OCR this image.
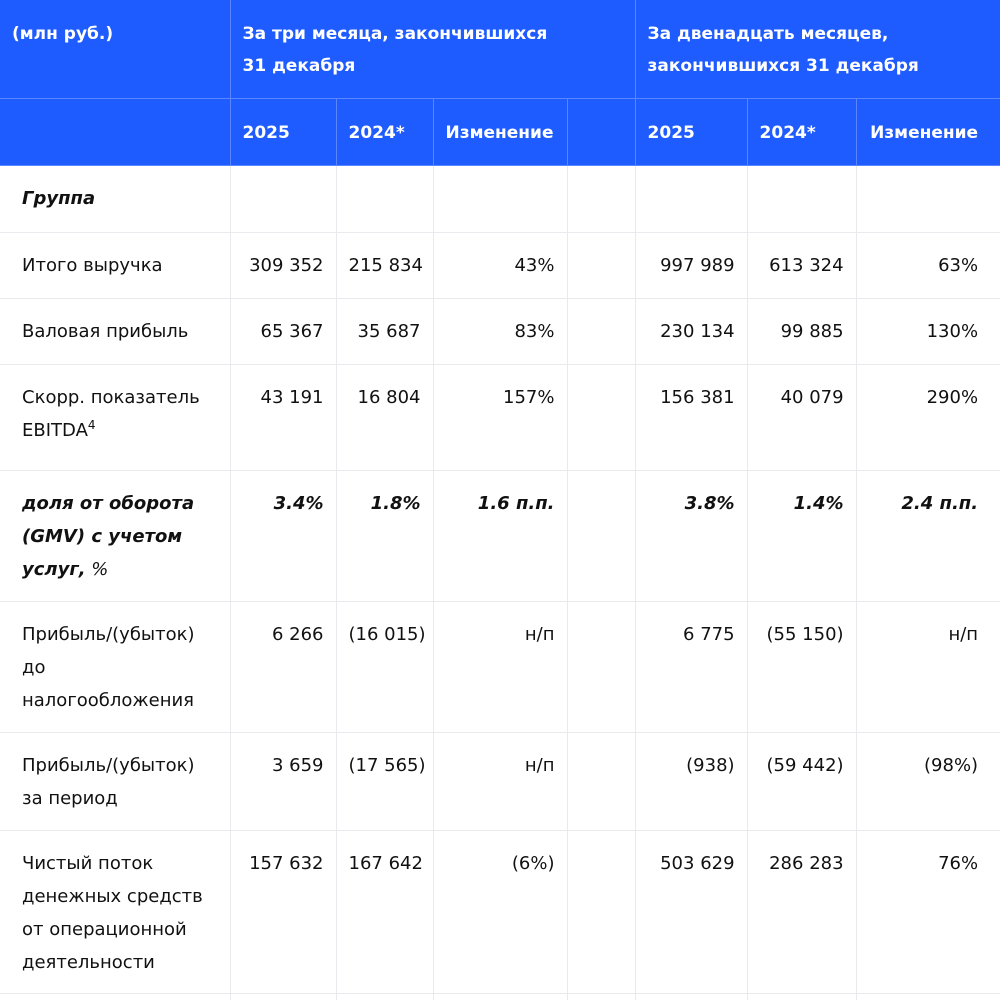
(млн руб.)	За три месяца, закончившихся 31 декабря				За двенадцать месяцев, закончившихся 31 декабря		
	2025	2024*	Изменение		2025	2024*	Изменение
Группа							
Итого выручка	309 352	215 834	43%		997 989	613 324	63%
Валовая прибыль	65 367	35 687	83%		230 134	99 885	130%
Скорр. показатель EBITDA$^4$	43 191	16 804	157%		156 381	40 079	290%
доля от оборота (GMV) с учетом услуг, %	3.4%	1.8%	1.6 п.п.		3.8%	1.4%	2.4 п.п.
Прибыль/(убыток) до налогообложения	6 266	(16 015)	н/п		6 775	(55 150)	н/п
Прибыль/(убыток) за период	3 659	(17 565)	н/п		(938)	(59 442)	(98%)
Чистый поток денежных средств от операционной деятельности	157 632	167 642	(6%)		503 629	286 283	76%
